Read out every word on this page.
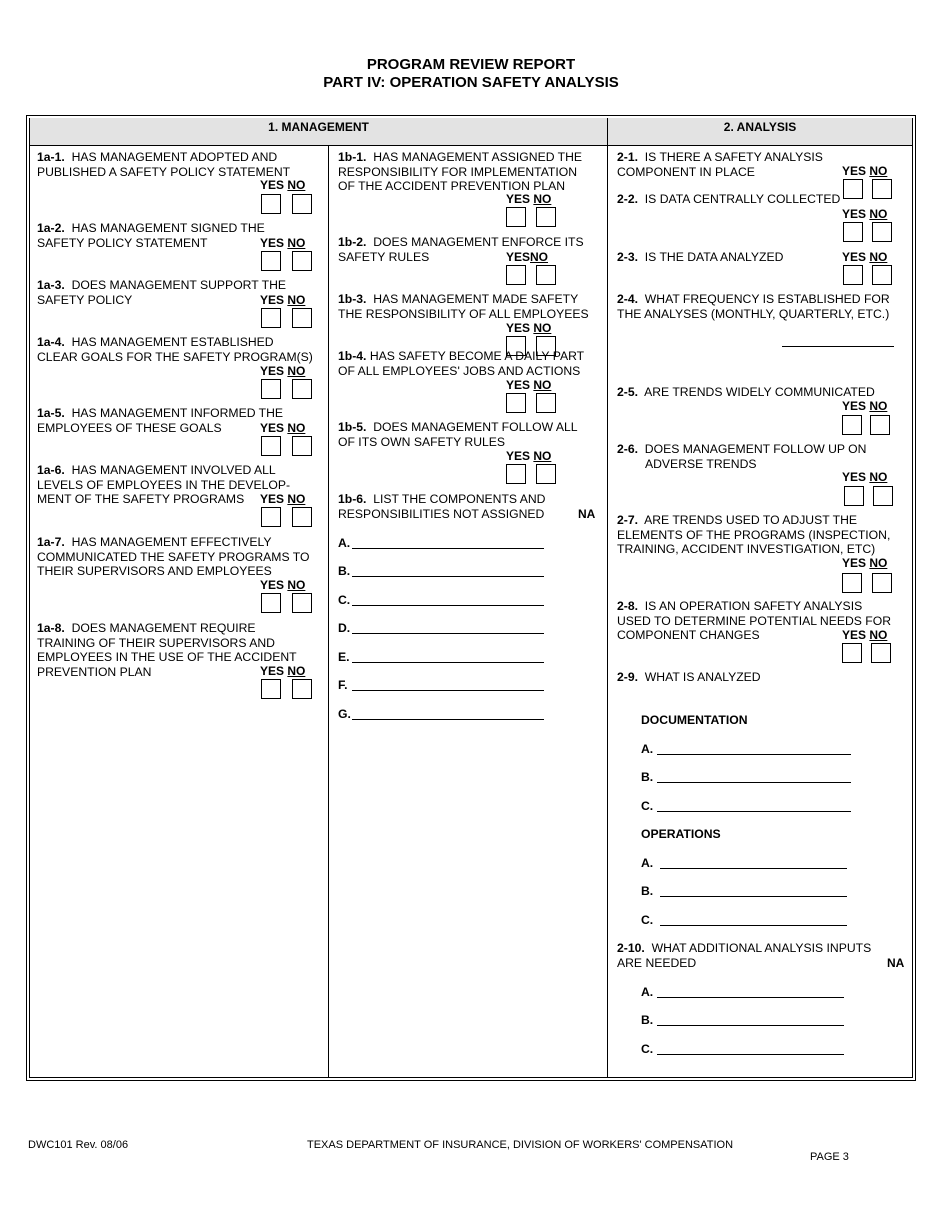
PROGRAM REVIEW REPORT
PART IV: OPERATION SAFETY ANALYSIS
1. MANAGEMENT	2. ANALYSIS
1a-1. HAS MANAGEMENT ADOPTED AND
PUBLISHED A SAFETY POLICY STATEMENT
YES NO
1a-2. HAS MANAGEMENT SIGNED THE
SAFETY POLICY STATEMENT	YES NO
1a-3. DOES MANAGEMENT SUPPORT THE
SAFETY POLICY	YES NO
1a-4. HAS MANAGEMENT ESTABLISHED
CLEAR GOALS FOR THE SAFETY PROGRAM(S)
YES NO
1a-5. HAS MANAGEMENT INFORMED THE
EMPLOYEES OF THESE GOALS	YES NO
1a-6. HAS MANAGEMENT INVOLVED ALL
LEVELS OF EMPLOYEES IN THE DEVELOP-
MENT OF THE SAFETY PROGRAMS	YES NO
1a-7. HAS MANAGEMENT EFFECTIVELY
COMMUNICATED THE SAFETY PROGRAMS TO
THEIR SUPERVISORS AND EMPLOYEES
YES NO
1a-8. DOES MANAGEMENT REQUIRE
TRAINING OF THEIR SUPERVISORS AND
EMPLOYEES IN THE USE OF THE ACCIDENT
PREVENTION PLAN	YES NO
1b-1. HAS MANAGEMENT ASSIGNED THE
RESPONSIBILITY FOR IMPLEMENTATION
OF THE ACCIDENT PREVENTION PLAN
YES NO
1b-2. DOES MANAGEMENT ENFORCE ITS
SAFETY RULES	YESNO
1b-3. HAS MANAGEMENT MADE SAFETY
THE RESPONSIBILITY OF ALL EMPLOYEES
YES NO
1b-4. HAS SAFETY BECOME A DAILY PART
OF ALL EMPLOYEES' JOBS AND ACTIONS
YES NO
1b-5. DOES MANAGEMENT FOLLOW ALL
OF ITS OWN SAFETY RULES
YES NO
1b-6. LIST THE COMPONENTS AND
RESPONSIBILITIES NOT ASSIGNED	NA
A.
B.
C.
D.
E.
F.
G.
2-1. IS THERE A SAFETY ANALYSIS
COMPONENT IN PLACE	YES NO
2-2. IS DATA CENTRALLY COLLECTED
YES NO
2-3. IS THE DATA ANALYZED	YES NO
2-4. WHAT FREQUENCY IS ESTABLISHED FOR
THE ANALYSES (MONTHLY, QUARTERLY, ETC.)
2-5. ARE TRENDS WIDELY COMMUNICATED
YES NO
2-6. DOES MANAGEMENT FOLLOW UP ON
ADVERSE TRENDS
YES NO
2-7. ARE TRENDS USED TO ADJUST THE
ELEMENTS OF THE PROGRAMS (INSPECTION,
TRAINING, ACCIDENT INVESTIGATION, ETC)
YES NO
2-8. IS AN OPERATION SAFETY ANALYSIS
USED TO DETERMINE POTENTIAL NEEDS FOR
COMPONENT CHANGES	YES NO
2-9. WHAT IS ANALYZED
DOCUMENTATION
A.
B.
C.
OPERATIONS
A.
B.
C.
2-10. WHAT ADDITIONAL ANALYSIS INPUTS
ARE NEEDED	NA
A.
B.
C.
DWC101 Rev. 08/06	TEXAS DEPARTMENT OF INSURANCE, DIVISION OF WORKERS' COMPENSATION
PAGE 3
